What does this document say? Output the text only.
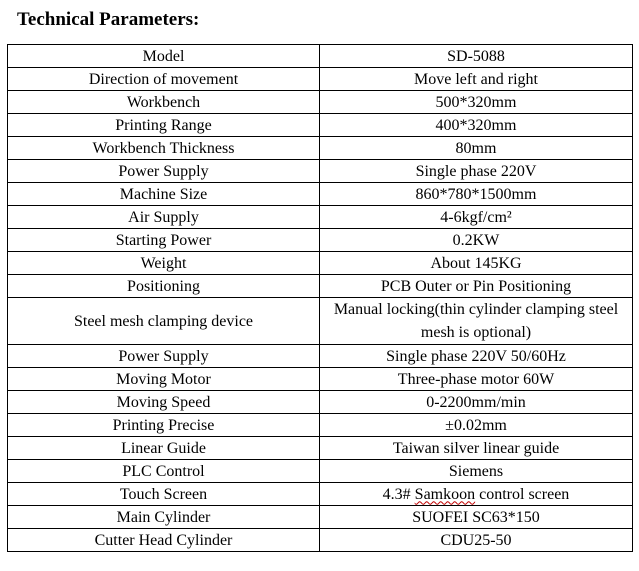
Technical Parameters:
Model	SD-5088
Direction of movement	Move left and right
Workbench	500*320mm
Printing Range	400*320mm
Workbench Thickness	80mm
Power Supply	Single phase 220V
Machine Size	860*780*1500mm
Air Supply	4-6kgf/cm²
Starting Power	0.2KW
Weight	About 145KG
Positioning	PCB Outer or Pin Positioning
Steel mesh clamping device	Manual locking(thin cylinder clamping steel mesh is optional)
Power Supply	Single phase 220V 50/60Hz
Moving Motor	Three-phase motor 60W
Moving Speed	0-2200mm/min
Printing Precise	±0.02mm
Linear Guide	Taiwan silver linear guide
PLC Control	Siemens
Touch Screen	4.3# Samkoon control screen
Main Cylinder	SUOFEI SC63*150
Cutter Head Cylinder	CDU25-50
